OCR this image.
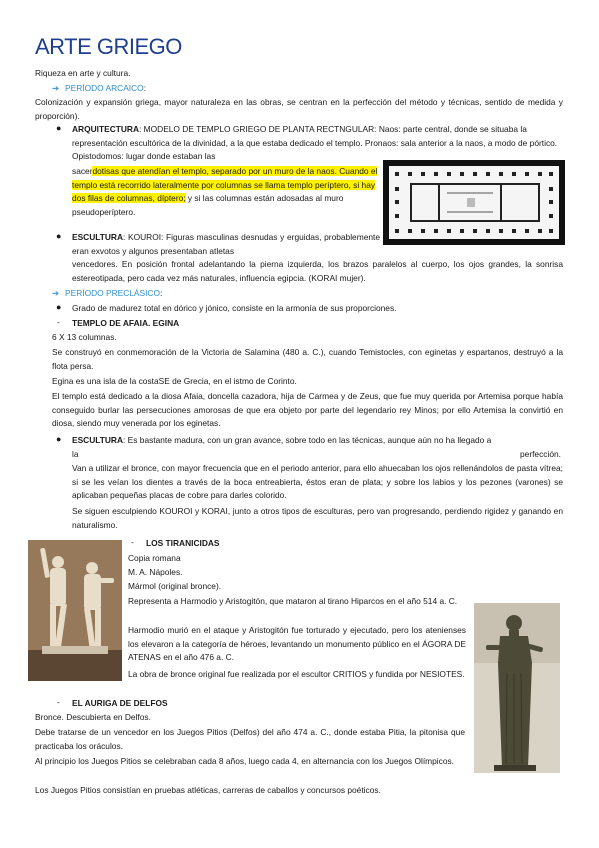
ARTE GRIEGO

Riqueza en arte y cultura.

➔ PERÍODO ARCAICO:

Colonización y expansión griega, mayor naturaleza en las obras, se centran en la perfección del método y técnicas, sentido de medida y proporción).

● ARQUITECTURA: MODELO DE TEMPLO GRIEGO DE PLANTA RECTNGULAR: Naos: parte central, donde se situaba la representación escultórica de la divinidad, a la que estaba dedicado el templo. Pronaos: sala anterior a la naos, a modo de pórtico. Opistodomos: lugar donde estaban las

sacerdotisas que atendían el templo, separado por un muro de la naos. Cuando el templo está recorrido lateralmente por columnas se llama templo períptero, si hay dos filas de columnas, díptero; y si las columnas están adosadas al muro pseudoperíptero.

● ESCULTURA: KOUROI: Figuras masculinas desnudas y erguidas, probablemente eran exvotos y algunos presentaban atletas

vencedores. En posición frontal adelantando la pierna izquierda, los brazos paralelos al cuerpo, los ojos grandes, la sonrisa estereotipada, pero cada vez más naturales, influencia egipcia. (KORAI mujer).

➔ PERÍODO PRECLÁSICO:
● Grado de madurez total en dórico y jónico, consiste en la armonía de sus proporciones.

- TEMPLO DE AFAIA. EGINA

6 X 13 columnas.

Se construyó en conmemoración de la Victoria de Salamina (480 a. C.), cuando Temistocles, con eginetas y espartanos, destruyó a la flota persa.

Egina es una isla de la costaSE de Grecia, en el istmo de Corinto.

El templo está dedicado a la diosa Afaia, doncella cazadora, hija de Carmea y de Zeus, que fue muy querida por Artemisa porque había conseguido burlar las persecuciones amorosas de que era objeto por parte del legendario rey Minos; por ello Artemisa la convirtió en diosa, siendo muy venerada por los eginetas.

● ESCULTURA: Es bastante madura, con un gran avance, sobre todo en las técnicas, aunque aún no ha llegado a

la	perfección.

Van a utilizar el bronce, con mayor frecuencia que en el periodo anterior, para ello ahuecaban los ojos rellenándolos de pasta vítrea; si se les veían los dientes a través de la boca entreabierta, éstos eran de plata; y sobre los labios y los pezones (varones) se aplicaban pequeñas placas de cobre para darles colorido.

Se siguen esculpiendo KOUROI y KORAI, junto a otros tipos de esculturas, pero van progresando, perdiendo rigidez y ganando en naturalismo.

- LOS TIRANICIDAS

Copia romana

M. A. Nápoles.

Mármol (original bronce).

Representa a Harmodio y Aristogitón, que mataron al tirano Hiparcos en el año 514 a. C.

Harmodio murió en el ataque y Aristogitón fue torturado y ejecutado, pero los atenienses los elevaron a la categoría de héroes, levantando un monumento público en el ÁGORA DE ATENAS en el año 476 a. C.

La obra de bronce original fue realizada por el escultor CRITIOS y fundida por NESIOTES.

- EL AURIGA DE DELFOS

Bronce. Descubierta en Delfos.

Debe tratarse de un vencedor en los Juegos Pitios (Delfos) del año 474 a. C., donde estaba Pitia, la pitonisa que practicaba los oráculos.

Al principio los Juegos Pitios se celebraban cada 8 años, luego cada 4, en alternancia con los Juegos Olímpicos.

Los Juegos Pitios consistían en pruebas atléticas, carreras de caballos y concursos poéticos.
